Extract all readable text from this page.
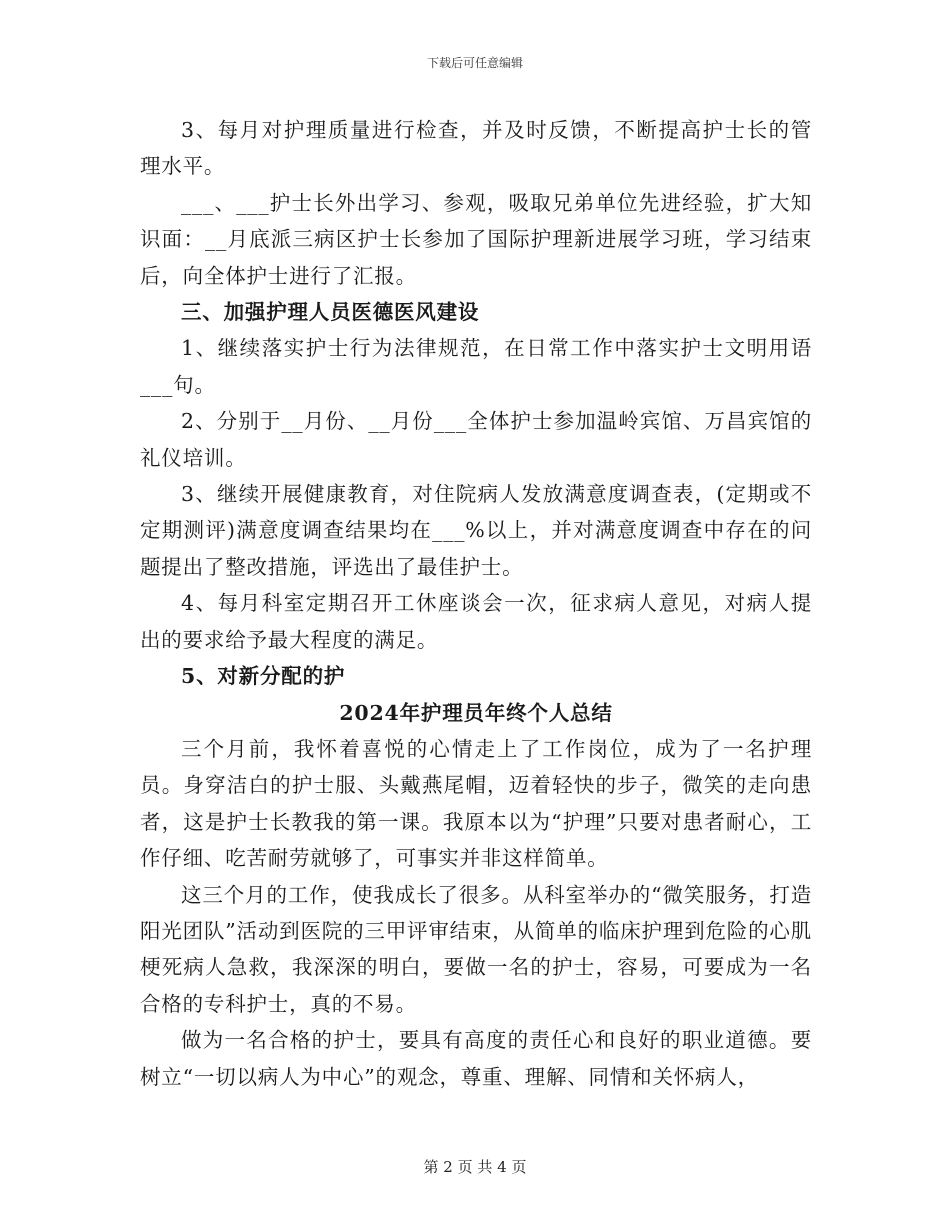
下载后可任意编辑

3、每月对护理质量进行检查，并及时反馈，不断提高护士长的管理水平。

___、___护士长外出学习、参观，吸取兄弟单位先进经验，扩大知识面：__月底派三病区护士长参加了国际护理新进展学习班，学习结束后，向全体护士进行了汇报。

三、加强护理人员医德医风建设

1、继续落实护士行为法律规范，在日常工作中落实护士文明用语___句。

2、分别于__月份、__月份___全体护士参加温岭宾馆、万昌宾馆的礼仪培训。

3、继续开展健康教育，对住院病人发放满意度调查表，(定期或不定期测评)满意度调查结果均在___%以上，并对满意度调查中存在的问题提出了整改措施，评选出了最佳护士。

4、每月科室定期召开工休座谈会一次，征求病人意见，对病人提出的要求给予最大程度的满足。

5、对新分配的护

2024年护理员年终个人总结

三个月前，我怀着喜悦的心情走上了工作岗位，成为了一名护理员。身穿洁白的护士服、头戴燕尾帽，迈着轻快的步子，微笑的走向患者，这是护士长教我的第一课。我原本以为“护理”只要对患者耐心，工作仔细、吃苦耐劳就够了，可事实并非这样简单。

这三个月的工作，使我成长了很多。从科室举办的“微笑服务，打造阳光团队”活动到医院的三甲评审结束，从简单的临床护理到危险的心肌梗死病人急救，我深深的明白，要做一名的护士，容易，可要成为一名合格的专科护士，真的不易。

做为一名合格的护士，要具有高度的责任心和良好的职业道德。要树立“一切以病人为中心”的观念，尊重、理解、同情和关怀病人，

第 2 页 共 4 页
